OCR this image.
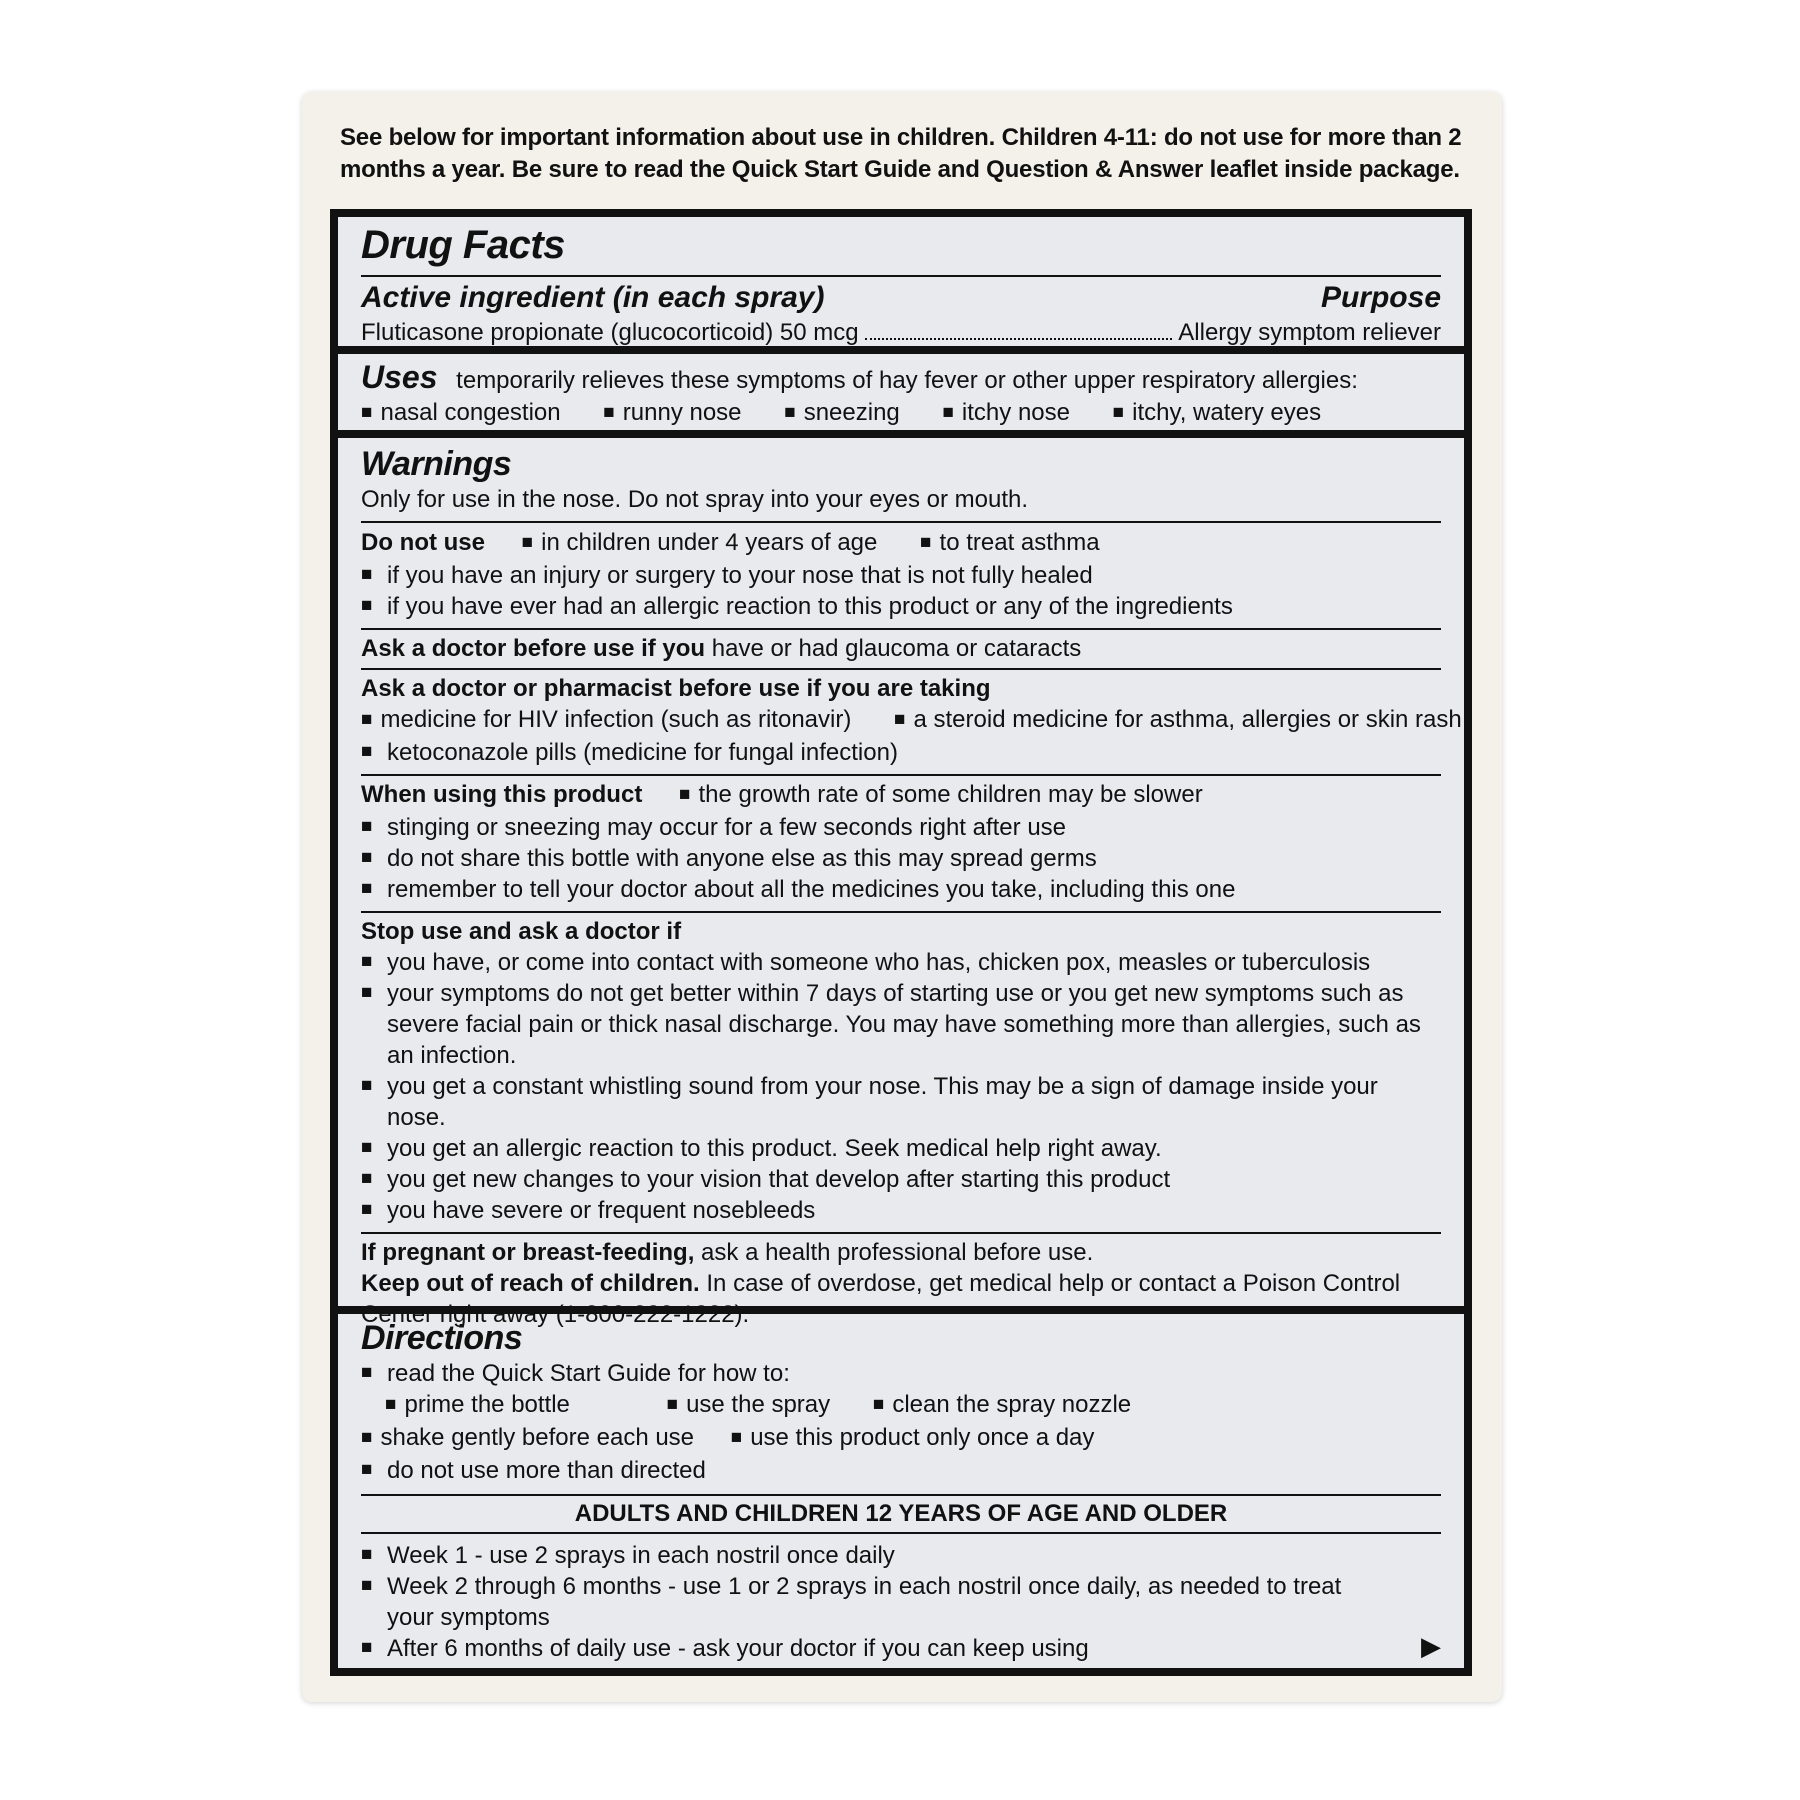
See below for important information about use in children. Children 4-11: do not use for more than 2 months a year. Be sure to read the Quick Start Guide and Question & Answer leaflet inside package.
Drug Facts
Active ingredient (in each spray)	Purpose
Fluticasone propionate (glucocorticoid) 50 mcg	Allergy symptom reliever
Uses temporarily relieves these symptoms of hay fever or other upper respiratory allergies:
■ nasal congestion	■ runny nose	■ sneezing	■ itchy nose	■ itchy, watery eyes
Warnings
Only for use in the nose. Do not spray into your eyes or mouth.
Do not use ■ in children under 4 years of age	■ to treat asthma
■ if you have an injury or surgery to your nose that is not fully healed
■ if you have ever had an allergic reaction to this product or any of the ingredients
Ask a doctor before use if you have or had glaucoma or cataracts
Ask a doctor or pharmacist before use if you are taking
■ medicine for HIV infection (such as ritonavir)	■ a steroid medicine for asthma, allergies or skin rash
■ ketoconazole pills (medicine for fungal infection)
When using this product ■ the growth rate of some children may be slower
■ stinging or sneezing may occur for a few seconds right after use
■ do not share this bottle with anyone else as this may spread germs
■ remember to tell your doctor about all the medicines you take, including this one
Stop use and ask a doctor if
■ you have, or come into contact with someone who has, chicken pox, measles or tuberculosis
■ your symptoms do not get better within 7 days of starting use or you get new symptoms such as severe facial pain or thick nasal discharge. You may have something more than allergies, such as an infection.
■ you get a constant whistling sound from your nose. This may be a sign of damage inside your nose.
■ you get an allergic reaction to this product. Seek medical help right away.
■ you get new changes to your vision that develop after starting this product
■ you have severe or frequent nosebleeds
If pregnant or breast-feeding, ask a health professional before use.
Keep out of reach of children. In case of overdose, get medical help or contact a Poison Control Center right away (1-800-222-1222).
Directions
■ read the Quick Start Guide for how to:
■ prime the bottle	■ use the spray	■ clean the spray nozzle
■ shake gently before each use ■ use this product only once a day
■ do not use more than directed
ADULTS AND CHILDREN 12 YEARS OF AGE AND OLDER
■ Week 1 - use 2 sprays in each nostril once daily
■ Week 2 through 6 months - use 1 or 2 sprays in each nostril once daily, as needed to treat your symptoms
■ After 6 months of daily use - ask your doctor if you can keep using	▶
